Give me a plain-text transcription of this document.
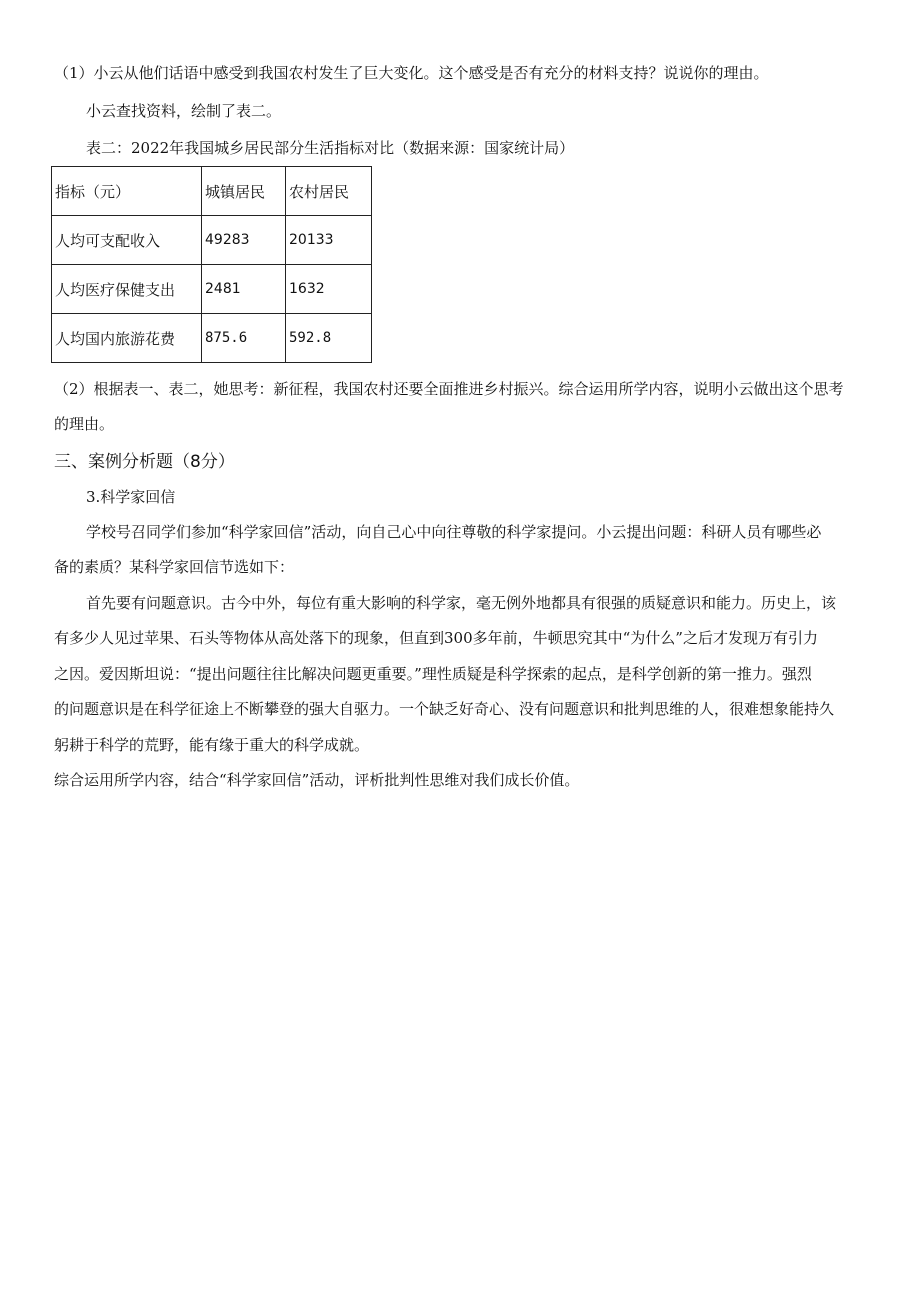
（1）小云从他们话语中感受到我国农村发生了巨大变化。这个感受是否有充分的材料支持？说说你的理由。
小云查找资料，绘制了表二。
表二：2022年我国城乡居民部分生活指标对比（数据来源：国家统计局）
指标（元）	城镇居民	农村居民
人均可支配收入	49283	20133
人均医疗保健支出	2481	1632
人均国内旅游花费	875.6	592.8
（2）根据表一、表二，她思考：新征程，我国农村还要全面推进乡村振兴。综合运用所学内容，说明小云做出这个思考
的理由。
三、案例分析题（8分）
3.科学家回信
学校号召同学们参加“科学家回信”活动，向自己心中向往尊敬的科学家提问。小云提出问题：科研人员有哪些必
备的素质？某科学家回信节选如下：
首先要有问题意识。古今中外，每位有重大影响的科学家，毫无例外地都具有很强的质疑意识和能力。历史上，该
有多少人见过苹果、石头等物体从高处落下的现象，但直到300多年前，牛顿思究其中“为什么”之后才发现万有引力
之因。爱因斯坦说：“提出问题往往比解决问题更重要。”理性质疑是科学探索的起点，是科学创新的第一推力。强烈
的问题意识是在科学征途上不断攀登的强大自驱力。一个缺乏好奇心、没有问题意识和批判思维的人，很难想象能持久
躬耕于科学的荒野，能有缘于重大的科学成就。
综合运用所学内容，结合“科学家回信”活动，评析批判性思维对我们成长价值。
